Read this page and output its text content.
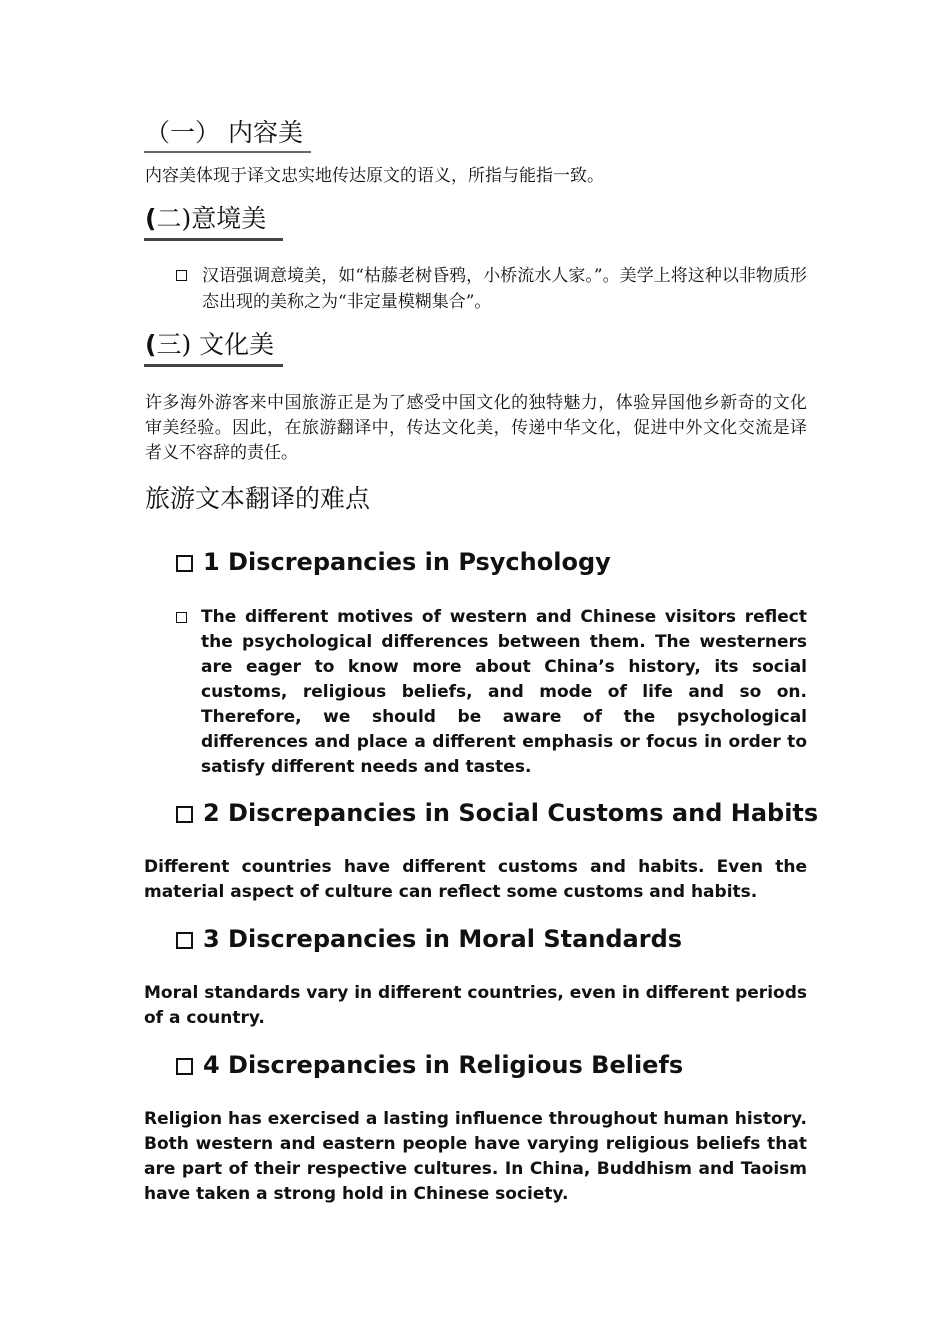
（一） 内容美
内容美体现于译文忠实地传达原文的语义，所指与能指一致。
(二)意境美
汉语强调意境美，如“枯藤老树昏鸦，小桥流水人家。”。美学上将这种以非物质形态出现的美称之为“非定量模糊集合”。
(三) 文化美
许多海外游客来中国旅游正是为了感受中国文化的独特魅力，体验异国他乡新奇的文化审美经验。因此，在旅游翻译中，传达文化美，传递中华文化，促进中外文化交流是译者义不容辞的责任。
旅游文本翻译的难点
1 Discrepancies in Psychology
The different motives of western and Chinese visitors reflect the psychological differences between them. The westerners are eager to know more about China’s history, its social customs, religious beliefs, and mode of life and so on. Therefore, we should be aware of the psychological differences and place a different emphasis or focus in order to satisfy different needs and tastes.
2 Discrepancies in Social Customs and Habits
Different countries have different customs and habits. Even the material aspect of culture can reflect some customs and habits.
3 Discrepancies in Moral Standards
Moral standards vary in different countries, even in different periods of a country.
4 Discrepancies in Religious Beliefs
Religion has exercised a lasting influence throughout human history. Both western and eastern people have varying religious beliefs that are part of their respective cultures. In China, Buddhism and Taoism have taken a strong hold in Chinese society.
